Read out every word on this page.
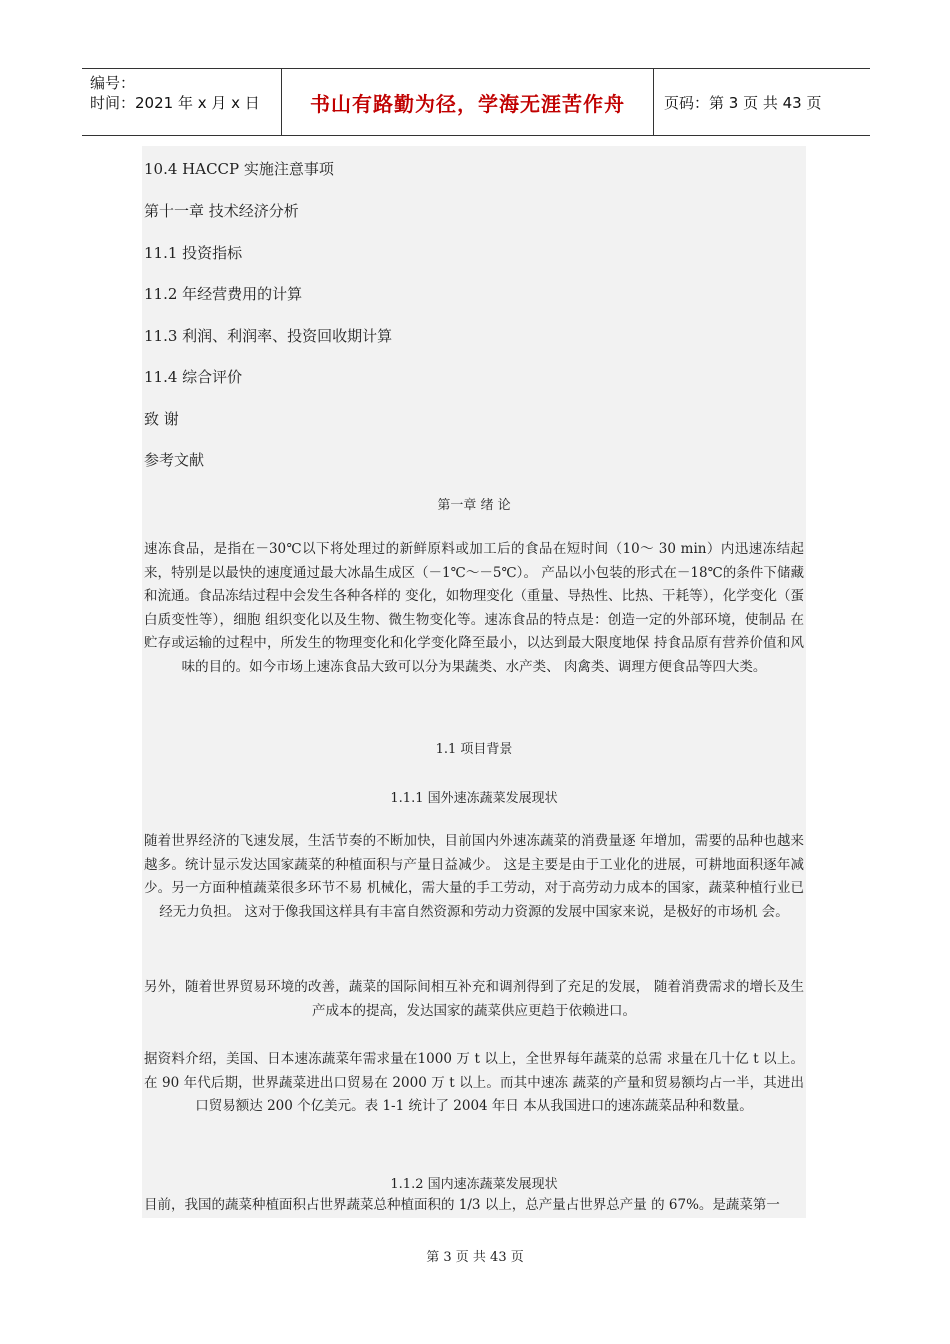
编号：
时间：2021 年 x 月 x 日	书山有路勤为径，学海无涯苦作舟	页码：第 3 页 共 43 页
10.4 HACCP 实施注意事项
第十一章 技术经济分析
11.1 投资指标
11.2 年经营费用的计算
11.3 利润、利润率、投资回收期计算
11.4 综合评价
致 谢
参考文献
第一章 绪 论
速冻食品，是指在－30℃以下将处理过的新鲜原料或加工后的食品在短时间（10～ 30 min）内迅速冻结起来，特别是以最快的速度通过最大冰晶生成区（－1℃～－5℃）。 产品以小包装的形式在－18℃的条件下储藏和流通。食品冻结过程中会发生各种各样的 变化，如物理变化（重量、导热性、比热、干耗等），化学变化（蛋白质变性等），细胞 组织变化以及生物、微生物变化等。速冻食品的特点是：创造一定的外部环境，使制品 在贮存或运输的过程中，所发生的物理变化和化学变化降至最小，以达到最大限度地保 持食品原有营养价值和风味的目的。如今市场上速冻食品大致可以分为果蔬类、水产类、 肉禽类、调理方便食品等四大类。
1.1 项目背景
1.1.1 国外速冻蔬菜发展现状
随着世界经济的飞速发展，生活节奏的不断加快，目前国内外速冻蔬菜的消费量逐 年增加，需要的品种也越来越多。统计显示发达国家蔬菜的种植面积与产量日益减少。 这是主要是由于工业化的进展，可耕地面积逐年减少。另一方面种植蔬菜很多环节不易 机械化，需大量的手工劳动，对于高劳动力成本的国家，蔬菜种植行业已经无力负担。 这对于像我国这样具有丰富自然资源和劳动力资源的发展中国家来说，是极好的市场机 会。
另外，随着世界贸易环境的改善，蔬菜的国际间相互补充和调剂得到了充足的发展， 随着消费需求的增长及生产成本的提高，发达国家的蔬菜供应更趋于依赖进口。
据资料介绍，美国、日本速冻蔬菜年需求量在1000 万 t 以上，全世界每年蔬菜的总需 求量在几十亿 t 以上。在 90 年代后期，世界蔬菜进出口贸易在 2000 万 t 以上。而其中速冻 蔬菜的产量和贸易额均占一半，其进出口贸易额达 200 个亿美元。表 1-1 统计了 2004 年日 本从我国进口的速冻蔬菜品种和数量。
1.1.2 国内速冻蔬菜发展现状
目前，我国的蔬菜种植面积占世界蔬菜总种植面积的 1/3 以上，总产量占世界总产量 的 67%。是蔬菜第一
第 3 页 共 43 页
